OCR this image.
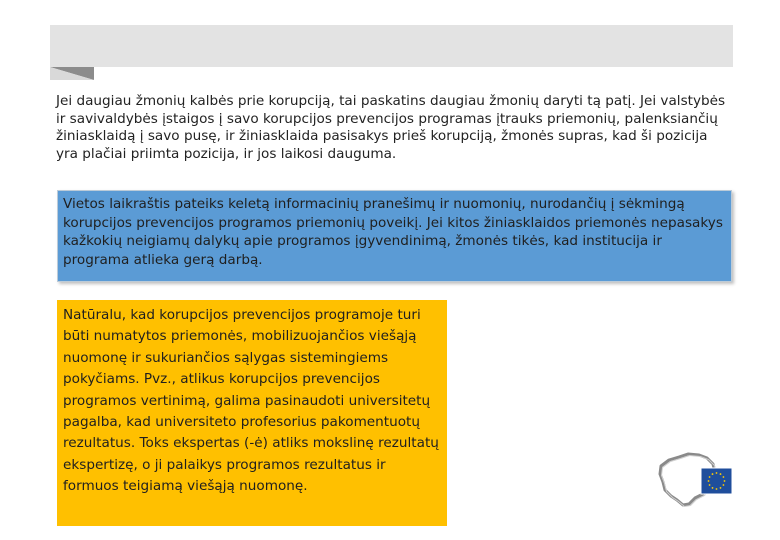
Jei daugiau žmonių kalbės prie korupciją, tai paskatins daugiau žmonių daryti tą patį. Jei valstybės ir savivaldybės įstaigos į savo korupcijos prevencijos programas įtrauks priemonių, palenksiančių žiniasklaidą į savo pusę, ir žiniasklaida pasisakys prieš korupciją, žmonės supras, kad ši pozicija yra plačiai priimta pozicija, ir jos laikosi dauguma.

Vietos laikraštis pateiks keletą informacinių pranešimų ir nuomonių, nurodančių į sėkmingą korupcijos prevencijos programos priemonių poveikį. Jei kitos žiniasklaidos priemonės nepasakys kažkokių neigiamų dalykų apie programos įgyvendinimą, žmonės tikės, kad institucija ir programa atlieka gerą darbą.

Natūralu, kad korupcijos prevencijos programoje turi būti numatytos priemonės, mobilizuojančios viešąją nuomonę ir sukuriančios sąlygas sistemingiems pokyčiams. Pvz., atlikus korupcijos prevencijos programos vertinimą, galima pasinaudoti universitetų pagalba, kad universiteto profesorius pakomentuotų rezultatus. Toks ekspertas (-ė) atliks mokslinę rezultatų ekspertizę, o ji palaikys programos rezultatus ir formuos teigiamą viešąją nuomonę.
